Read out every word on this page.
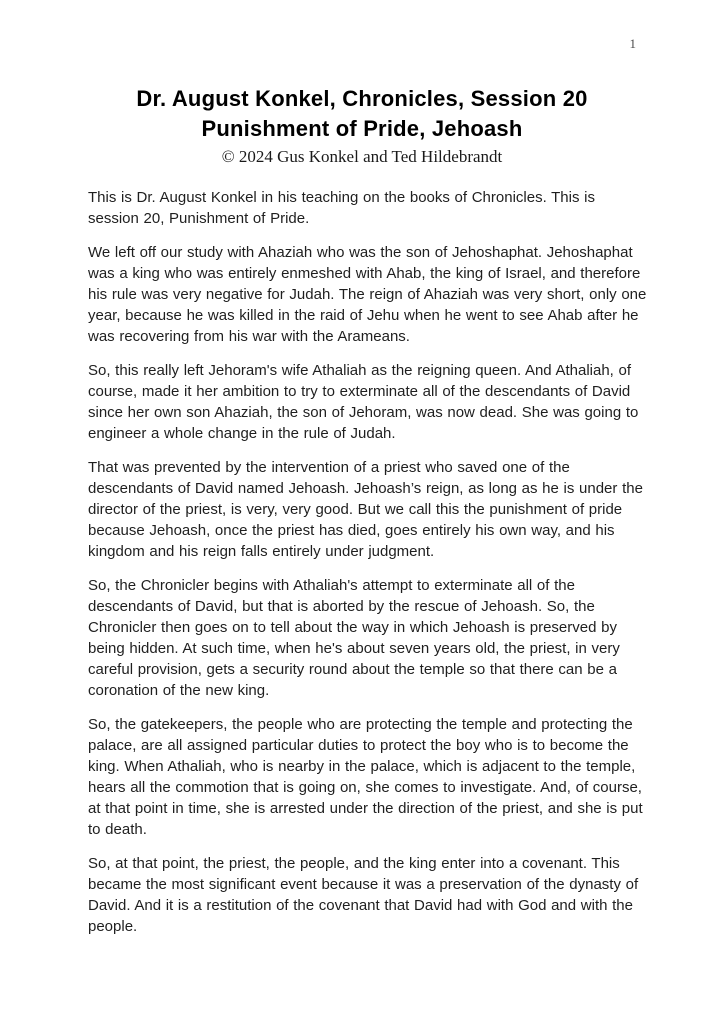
1
Dr. August Konkel, Chronicles, Session 20
Punishment of Pride, Jehoash
© 2024 Gus Konkel and Ted Hildebrandt

This is Dr. August Konkel in his teaching on the books of Chronicles. This is session 20, Punishment of Pride.

We left off our study with Ahaziah who was the son of Jehoshaphat. Jehoshaphat was a king who was entirely enmeshed with Ahab, the king of Israel, and therefore his rule was very negative for Judah. The reign of Ahaziah was very short, only one year, because he was killed in the raid of Jehu when he went to see Ahab after he was recovering from his war with the Arameans.

So, this really left Jehoram's wife Athaliah as the reigning queen. And Athaliah, of course, made it her ambition to try to exterminate all of the descendants of David since her own son Ahaziah, the son of Jehoram, was now dead. She was going to engineer a whole change in the rule of Judah.

That was prevented by the intervention of a priest who saved one of the descendants of David named Jehoash. Jehoash’s reign, as long as he is under the director of the priest, is very, very good. But we call this the punishment of pride because Jehoash, once the priest has died, goes entirely his own way, and his kingdom and his reign falls entirely under judgment.

So, the Chronicler begins with Athaliah's attempt to exterminate all of the descendants of David, but that is aborted by the rescue of Jehoash. So, the Chronicler then goes on to tell about the way in which Jehoash is preserved by being hidden. At such time, when he's about seven years old, the priest, in very careful provision, gets a security round about the temple so that there can be a coronation of the new king.

So, the gatekeepers, the people who are protecting the temple and protecting the palace, are all assigned particular duties to protect the boy who is to become the king. When Athaliah, who is nearby in the palace, which is adjacent to the temple, hears all the commotion that is going on, she comes to investigate. And, of course, at that point in time, she is arrested under the direction of the priest, and she is put to death.

So, at that point, the priest, the people, and the king enter into a covenant. This became the most significant event because it was a preservation of the dynasty of David. And it is a restitution of the covenant that David had with God and with the people.
